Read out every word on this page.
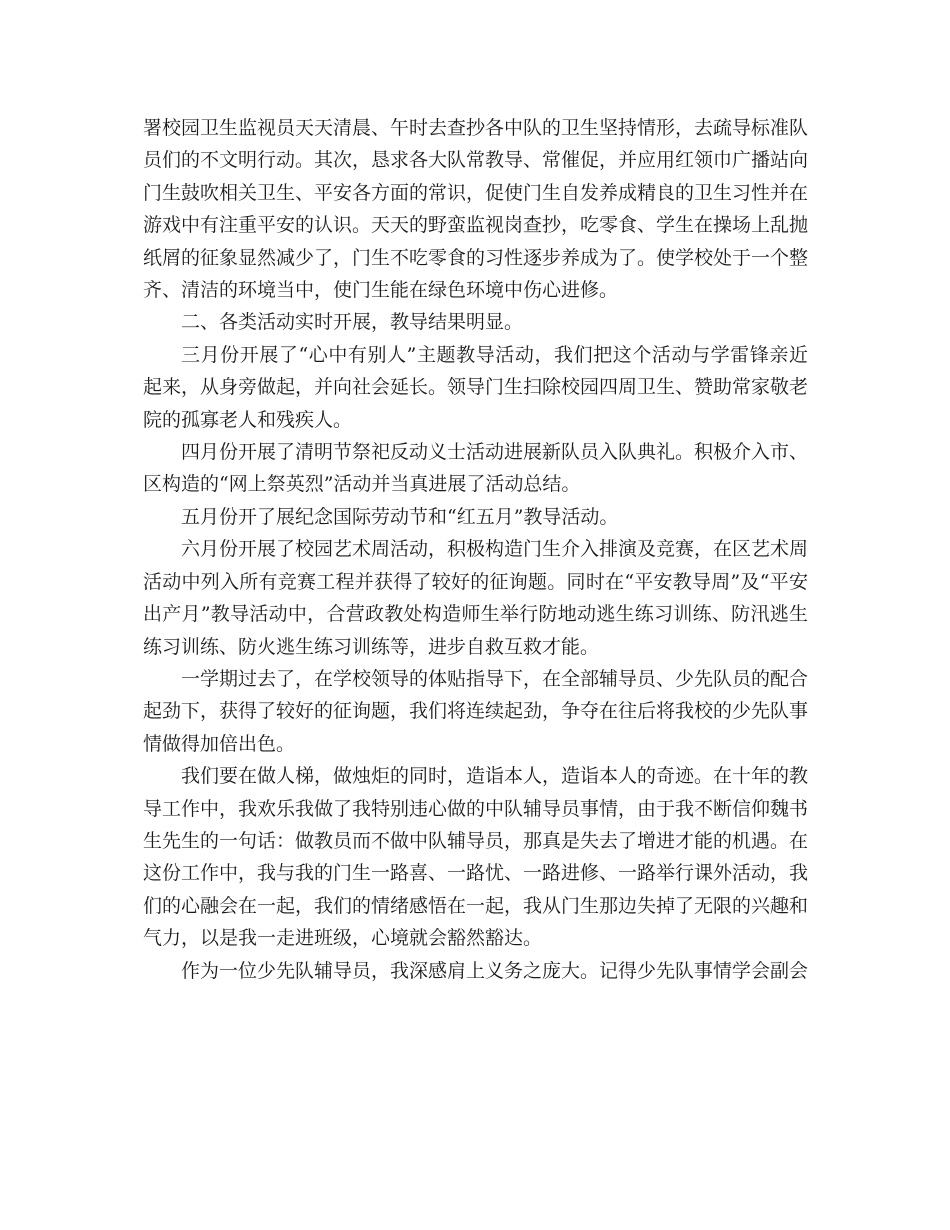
署校园卫生监视员天天清晨、午时去查抄各中队的卫生坚持情形，去疏导标准队员们的不文明行动。其次，恳求各大队常教导、常催促，并应用红领巾广播站向门生鼓吹相关卫生、平安各方面的常识，促使门生自发养成精良的卫生习性并在游戏中有注重平安的认识。天天的野蛮监视岗查抄，吃零食、学生在操场上乱抛纸屑的征象显然减少了，门生不吃零食的习性逐步养成为了。使学校处于一个整齐、清洁的环境当中，使门生能在绿色环境中伤心进修。

二、各类活动实时开展，教导结果明显。

三月份开展了“心中有别人”主题教导活动，我们把这个活动与学雷锋亲近起来，从身旁做起，并向社会延长。领导门生扫除校园四周卫生、赞助常家敬老院的孤寡老人和残疾人。

四月份开展了清明节祭祀反动义士活动进展新队员入队典礼。积极介入市、区构造的“网上祭英烈”活动并当真进展了活动总结。

五月份开了展纪念国际劳动节和“红五月”教导活动。

六月份开展了校园艺术周活动，积极构造门生介入排演及竞赛，在区艺术周活动中列入所有竞赛工程并获得了较好的征询题。同时在“平安教导周”及“平安出产月”教导活动中，合营政教处构造师生举行防地动逃生练习训练、防汛逃生练习训练、防火逃生练习训练等，进步自救互救才能。

一学期过去了，在学校领导的体贴指导下，在全部辅导员、少先队员的配合起劲下，获得了较好的征询题，我们将连续起劲，争夺在往后将我校的少先队事情做得加倍出色。

我们要在做人梯，做烛炬的同时，造诣本人，造诣本人的奇迹。在十年的教导工作中，我欢乐我做了我特别违心做的中队辅导员事情，由于我不断信仰魏书生先生的一句话：做教员而不做中队辅导员，那真是失去了增进才能的机遇。在这份工作中，我与我的门生一路喜、一路忧、一路进修、一路举行课外活动，我们的心融会在一起，我们的情绪感悟在一起，我从门生那边失掉了无限的兴趣和气力，以是我一走进班级，心境就会豁然豁达。

作为一位少先队辅导员，我深感肩上义务之庞大。记得少先队事情学会副会
